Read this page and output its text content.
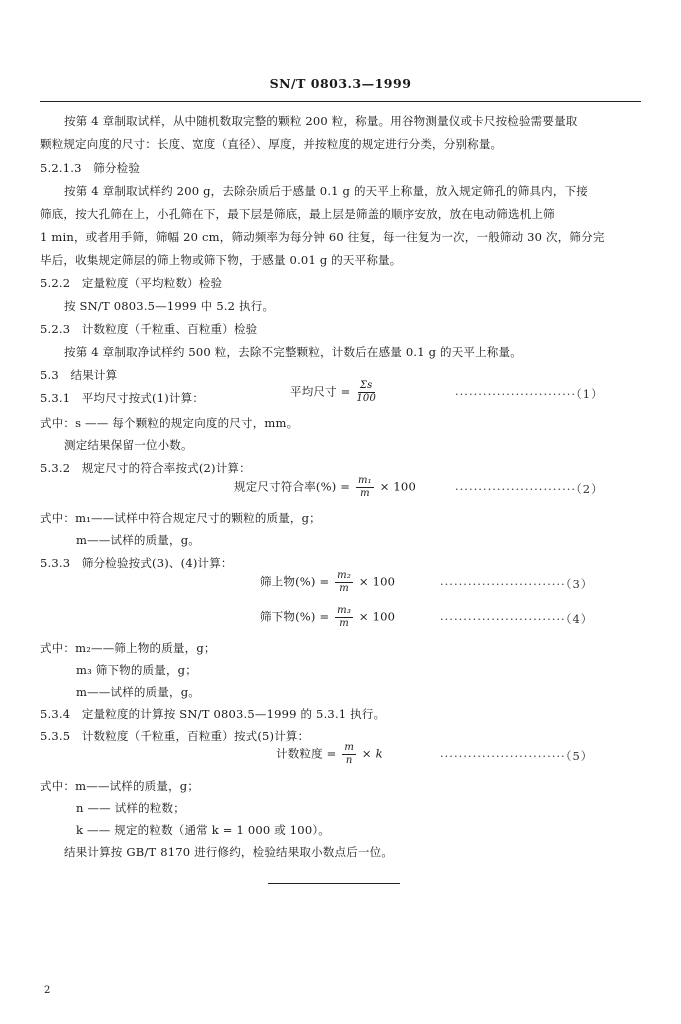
SN/T 0803.3—1999
按第 4 章制取试样，从中随机数取完整的颗粒 200 粒，称量。用谷物测量仪或卡尺按检验需要量取
颗粒规定向度的尺寸：长度、宽度（直径）、厚度，并按粒度的规定进行分类，分别称量。
5.2.1.3 筛分检验
按第 4 章制取试样约 200 g，去除杂质后于感量 0.1 g 的天平上称量，放入规定筛孔的筛具内，下接
筛底，按大孔筛在上，小孔筛在下，最下层是筛底，最上层是筛盖的顺序安放，放在电动筛选机上筛
1 min，或者用手筛，筛幅 20 cm，筛动频率为每分钟 60 往复，每一往复为一次，一般筛动 30 次，筛分完
毕后，收集规定筛层的筛上物或筛下物，于感量 0.01 g 的天平称量。
5.2.2 定量粒度（平均粒数）检验
按 SN/T 0803.5—1999 中 5.2 执行。
5.2.3 计数粒度（千粒重、百粒重）检验
按第 4 章制取净试样约 500 粒，去除不完整颗粒，计数后在感量 0.1 g 的天平上称量。
5.3 结果计算
5.3.1 平均尺寸按式(1)计算：	平均尺寸 = $\frac{\Sigma s}{100}$	··························（1）
式中：s —— 每个颗粒的规定向度的尺寸，mm。
测定结果保留一位小数。
5.3.2 规定尺寸的符合率按式(2)计算：
规定尺寸符合率(%) = $\frac{\text{m₁}}{m} \times 100$	··························（2）
式中：m₁——试样中符合规定尺寸的颗粒的质量，g；
m——试样的质量，g。
5.3.3 筛分检验按式(3)、(4)计算：
筛上物(%) = $\frac{\text{m₂}}{m} \times 100$	···························（3）
筛下物(%) = $\frac{\text{m₃}}{m} \times 100$	···························（4）
式中：m₂——筛上物的质量，g；
m₃ 筛下物的质量，g；
m——试样的质量，g。
5.3.4 定量粒度的计算按 SN/T 0803.5—1999 的 5.3.1 执行。
5.3.5 计数粒度（千粒重，百粒重）按式(5)计算：
计数粒度 = $\frac{m}{n} \times k$	···························（5）
式中：m——试样的质量，g；
n —— 试样的粒数；
k —— 规定的粒数（通常 k = 1 000 或 100）。
结果计算按 GB/T 8170 进行修约，检验结果取小数点后一位。
2
